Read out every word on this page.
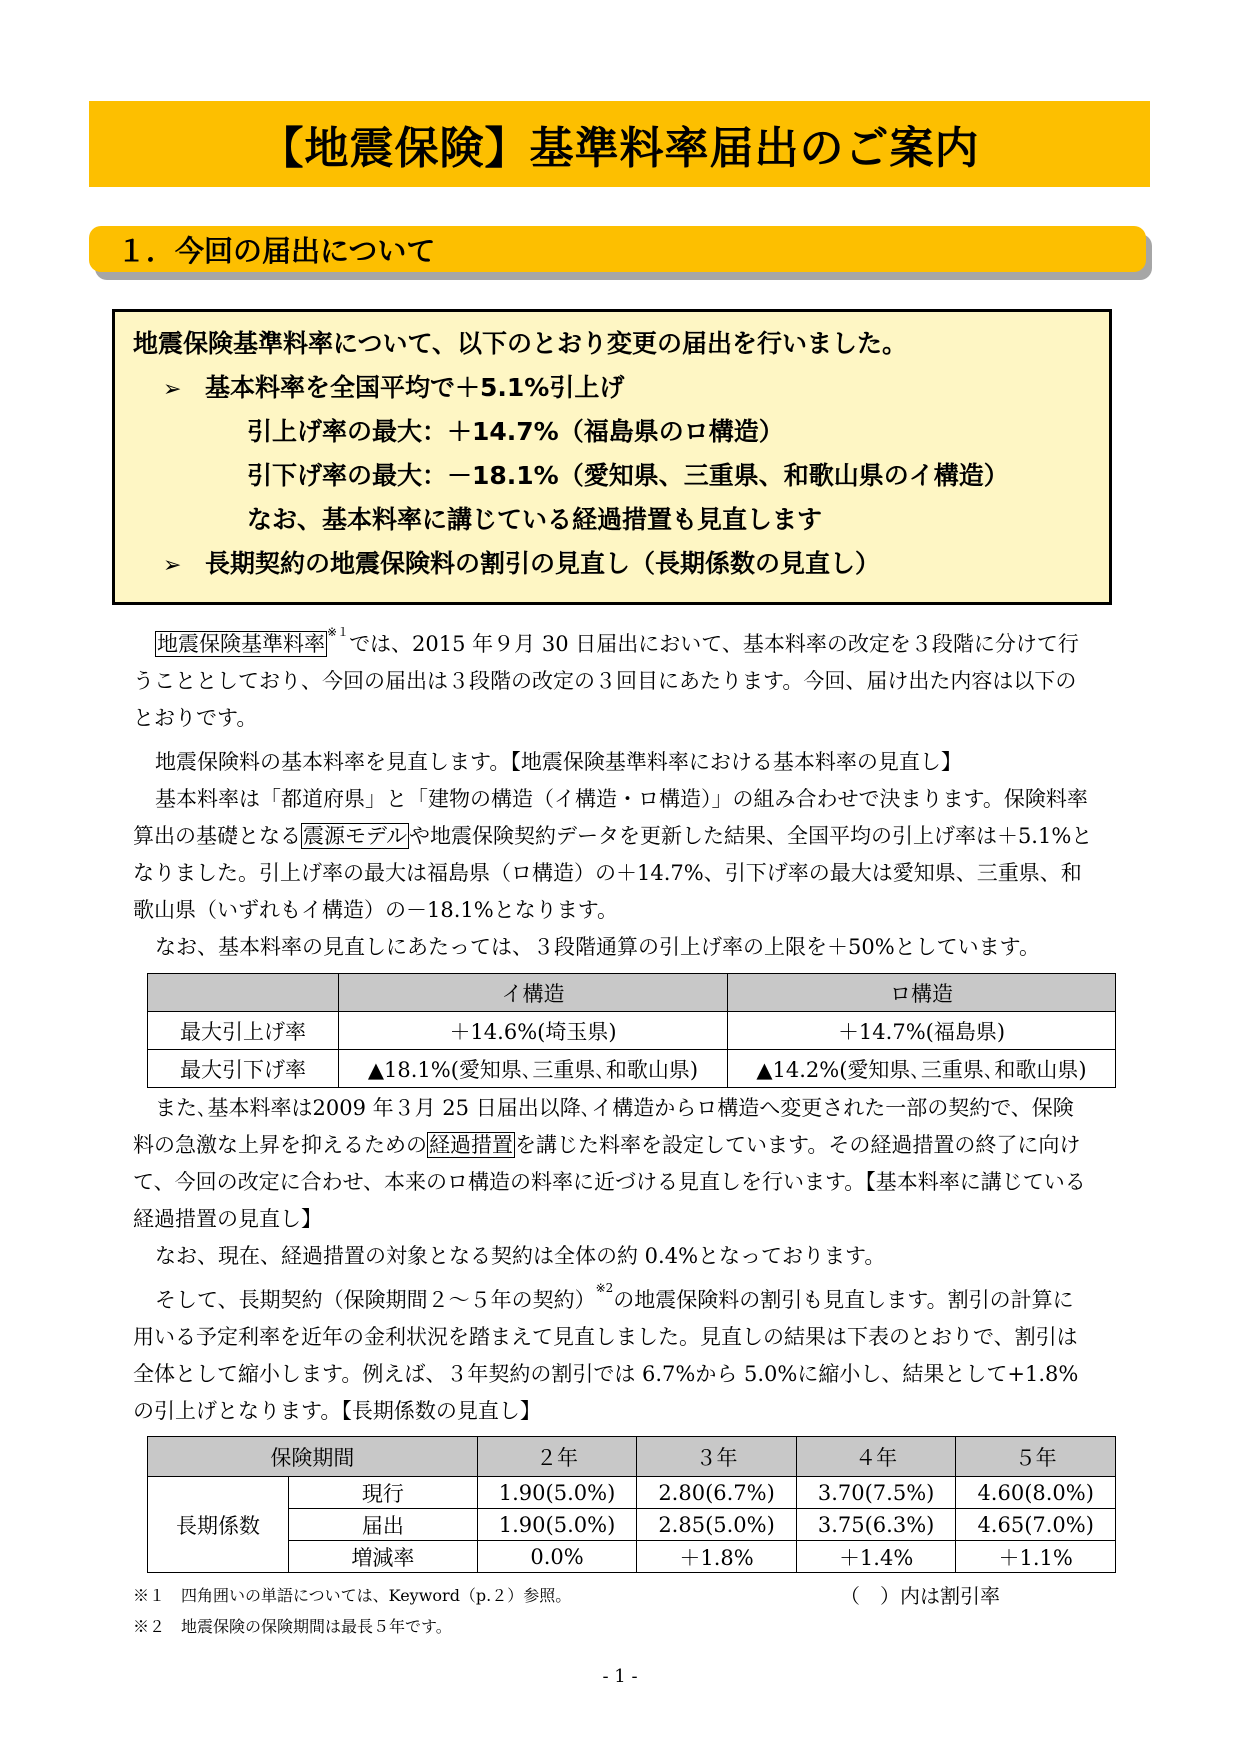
【地震保険】基準料率届出のご案内
１．今回の届出について
地震保険基準料率について、以下のとおり変更の届出を行いました。
➢ 基本料率を全国平均で＋5.1%引上げ
引上げ率の最大：＋14.7%（福島県のロ構造）
引下げ率の最大：－18.1%（愛知県、三重県、和歌山県のイ構造）
なお、基本料率に講じている経過措置も見直します
➢ 長期契約の地震保険料の割引の見直し（長期係数の見直し）

地震保険基準料率 $^{※1}$では、2015 年９月 30 日届出において、基本料率の改定を３段階に分けて行うこととしており、今回の届出は３段階の改定の３回目にあたります。今回、届け出た内容は以下のとおりです。

地震保険料の基本料率を見直します。【地震保険基準料率における基本料率の見直し】

基本料率は「都道府県」と「建物の構造（イ構造・ロ構造）」の組み合わせで決まります。保険料率算出の基礎となる震源モデルや地震保険契約データを更新した結果、全国平均の引上げ率は＋5.1%となりました。引上げ率の最大は福島県（ロ構造）の＋14.7%、引下げ率の最大は愛知県、三重県、和歌山県（いずれもイ構造）の－18.1%となります。

なお、基本料率の見直しにあたっては、３段階通算の引上げ率の上限を＋50%としています。

	イ構造	ロ構造
最大引上げ率	＋14.6%(埼玉県)	＋14.7%(福島県)
最大引下げ率	▲18.1%(愛知県､三重県､和歌山県)	▲14.2%(愛知県､三重県､和歌山県)

また､基本料率は2009 年３月 25 日届出以降､イ構造からロ構造へ変更された一部の契約で、保険料の急激な上昇を抑えるための経過措置を講じた料率を設定しています。その経過措置の終了に向けて、今回の改定に合わせ、本来のロ構造の料率に近づける見直しを行います。【基本料率に講じている経過措置の見直し】

なお、現在、経過措置の対象となる契約は全体の約 0.4%となっております。

そして、長期契約（保険期間２～５年の契約）$^{※2}$の地震保険料の割引も見直します。割引の計算に用いる予定利率を近年の金利状況を踏まえて見直しました。見直しの結果は下表のとおりで、割引は全体として縮小します。例えば、３年契約の割引では 6.7%から 5.0%に縮小し、結果として+1.8%の引上げとなります。【長期係数の見直し】

保険期間		２年	３年	４年	５年
長期係数	現行	1.90(5.0%)	2.80(6.7%)	3.70(7.5%)	4.60(8.0%)
	届出	1.90(5.0%)	2.85(5.0%)	3.75(6.3%)	4.65(7.0%)
	増減率	0.0%	＋1.8%	＋1.4%	＋1.1%
※１　四角囲いの単語については、Keyword（p.２）参照。	（　）内は割引率
※２　地震保険の保険期間は最長５年です。
- 1 -
